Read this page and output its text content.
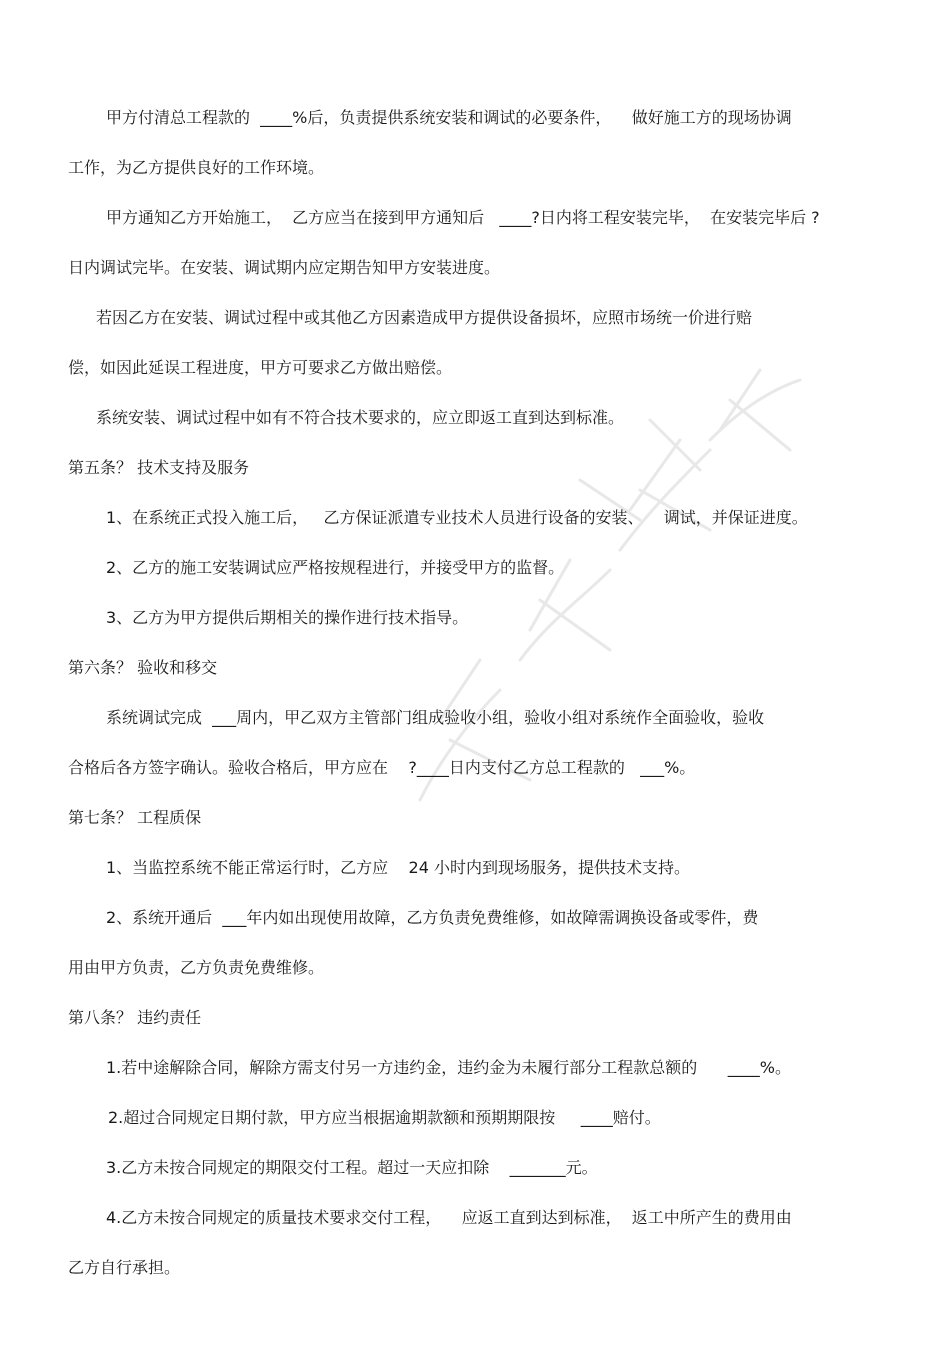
甲方付清总工程款的  ____%后，负责提供系统安装和调试的必要条件，    做好施工方的现场协调
工作，为乙方提供良好的工作环境。
甲方通知乙方开始施工，  乙方应当在接到甲方通知后   ____?日内将工程安装完毕，  在安装完毕后 ?
日内调试完毕。在安装、调试期内应定期告知甲方安装进度。
若因乙方在安装、调试过程中或其他乙方因素造成甲方提供设备损坏，应照市场统一价进行赔
偿，如因此延误工程进度，甲方可要求乙方做出赔偿。
系统安装、调试过程中如有不符合技术要求的，应立即返工直到达到标准。
第五条？ 技术支持及服务
1、在系统正式投入施工后，   乙方保证派遣专业技术人员进行设备的安装、    调试，并保证进度。
2、乙方的施工安装调试应严格按规程进行，并接受甲方的监督。
3、乙方为甲方提供后期相关的操作进行技术指导。
第六条？ 验收和移交
系统调试完成  ___周内，甲乙双方主管部门组成验收小组，验收小组对系统作全面验收，验收
合格后各方签字确认。验收合格后，甲方应在    ?____日内支付乙方总工程款的   ___%。
第七条？ 工程质保
1、当监控系统不能正常运行时，乙方应    24 小时内到现场服务，提供技术支持。
2、系统开通后  ___年内如出现使用故障，乙方负责免费维修，如故障需调换设备或零件，费
用由甲方负责，乙方负责免费维修。
第八条？ 违约责任
1.若中途解除合同，解除方需支付另一方违约金，违约金为未履行部分工程款总额的      ____%。
2.超过合同规定日期付款，甲方应当根据逾期款额和预期期限按     ____赔付。
3.乙方未按合同规定的期限交付工程。超过一天应扣除    _______元。
4.乙方未按合同规定的质量技术要求交付工程，    应返工直到达到标准，  返工中所产生的费用由
乙方自行承担。
